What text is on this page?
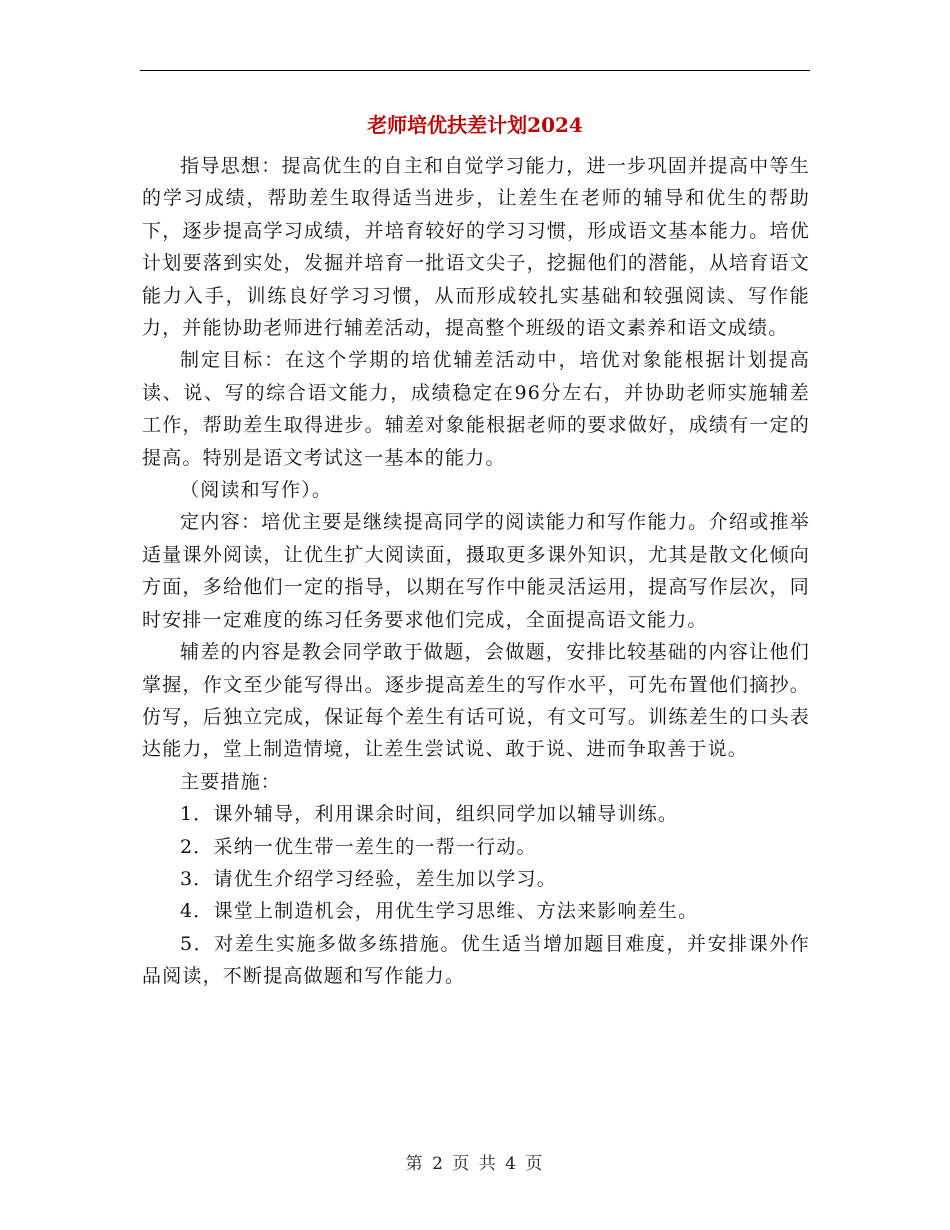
老师培优扶差计划2024

指导思想：提高优生的自主和自觉学习能力，进一步巩固并提高中等生的学习成绩，帮助差生取得适当进步，让差生在老师的辅导和优生的帮助下，逐步提高学习成绩，并培育较好的学习习惯，形成语文基本能力。培优计划要落到实处，发掘并培育一批语文尖子，挖掘他们的潜能，从培育语文能力入手，训练良好学习习惯，从而形成较扎实基础和较强阅读、写作能力，并能协助老师进行辅差活动，提高整个班级的语文素养和语文成绩。

制定目标：在这个学期的培优辅差活动中，培优对象能根据计划提高读、说、写的综合语文能力，成绩稳定在96分左右，并协助老师实施辅差工作，帮助差生取得进步。辅差对象能根据老师的要求做好，成绩有一定的提高。特别是语文考试这一基本的能力。

（阅读和写作）。

定内容：培优主要是继续提高同学的阅读能力和写作能力。介绍或推举适量课外阅读，让优生扩大阅读面，摄取更多课外知识，尤其是散文化倾向方面，多给他们一定的指导，以期在写作中能灵活运用，提高写作层次，同时安排一定难度的练习任务要求他们完成，全面提高语文能力。

辅差的内容是教会同学敢于做题，会做题，安排比较基础的内容让他们掌握，作文至少能写得出。逐步提高差生的写作水平，可先布置他们摘抄。仿写，后独立完成，保证每个差生有话可说，有文可写。训练差生的口头表达能力，堂上制造情境，让差生尝试说、敢于说、进而争取善于说。

主要措施：

1．课外辅导，利用课余时间，组织同学加以辅导训练。

2．采纳一优生带一差生的一帮一行动。

3．请优生介绍学习经验，差生加以学习。

4．课堂上制造机会，用优生学习思维、方法来影响差生。

5．对差生实施多做多练措施。优生适当增加题目难度，并安排课外作品阅读，不断提高做题和写作能力。

第 2 页 共 4 页
